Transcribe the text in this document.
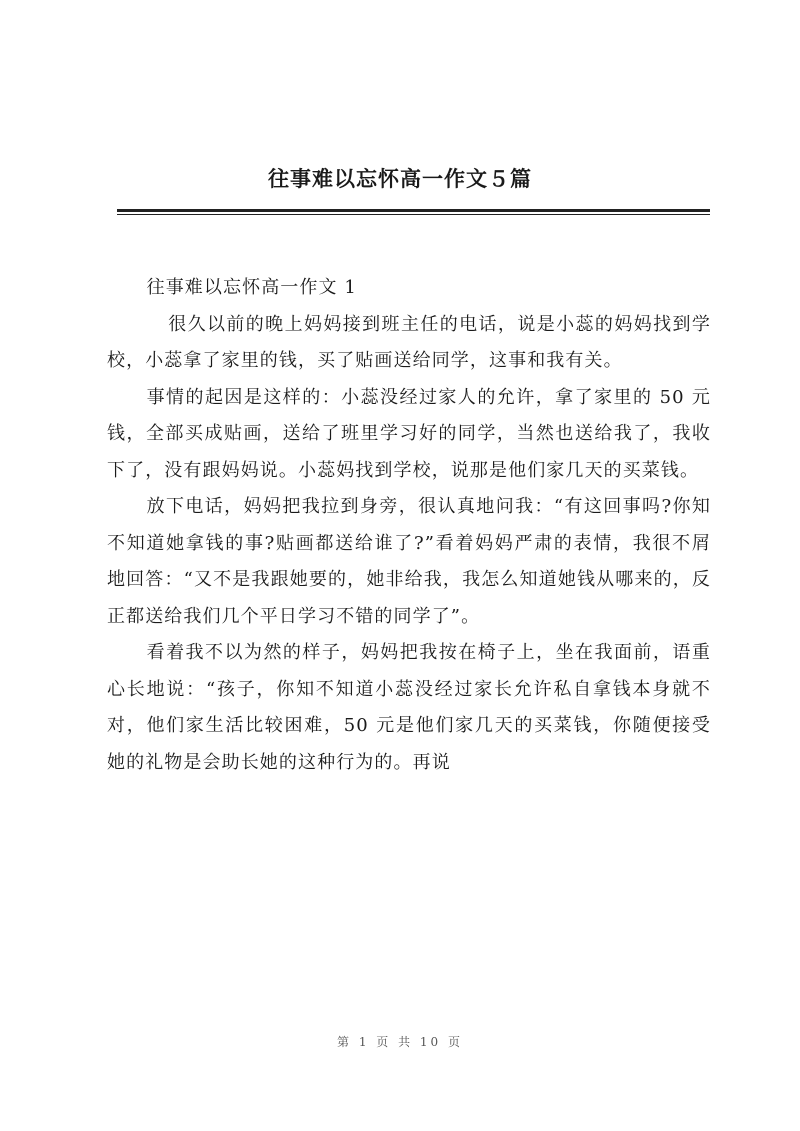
往事难以忘怀高一作文５篇

往事难以忘怀高一作文 1

很久以前的晚上妈妈接到班主任的电话，说是小蕊的妈妈找到学校，小蕊拿了家里的钱，买了贴画送给同学，这事和我有关。

事情的起因是这样的：小蕊没经过家人的允许，拿了家里的 50 元钱，全部买成贴画，送给了班里学习好的同学，当然也送给我了，我收下了，没有跟妈妈说。小蕊妈找到学校，说那是他们家几天的买菜钱。

放下电话，妈妈把我拉到身旁，很认真地问我：“有这回事吗?你知不知道她拿钱的事?贴画都送给谁了?”看着妈妈严肃的表情，我很不屑地回答：“又不是我跟她要的，她非给我，我怎么知道她钱从哪来的，反正都送给我们几个平日学习不错的同学了”。

看着我不以为然的样子，妈妈把我按在椅子上，坐在我面前，语重心长地说：“孩子，你知不知道小蕊没经过家长允许私自拿钱本身就不对，他们家生活比较困难，50 元是他们家几天的买菜钱，你随便接受她的礼物是会助长她的这种行为的。再说

第 1 页 共 10 页
